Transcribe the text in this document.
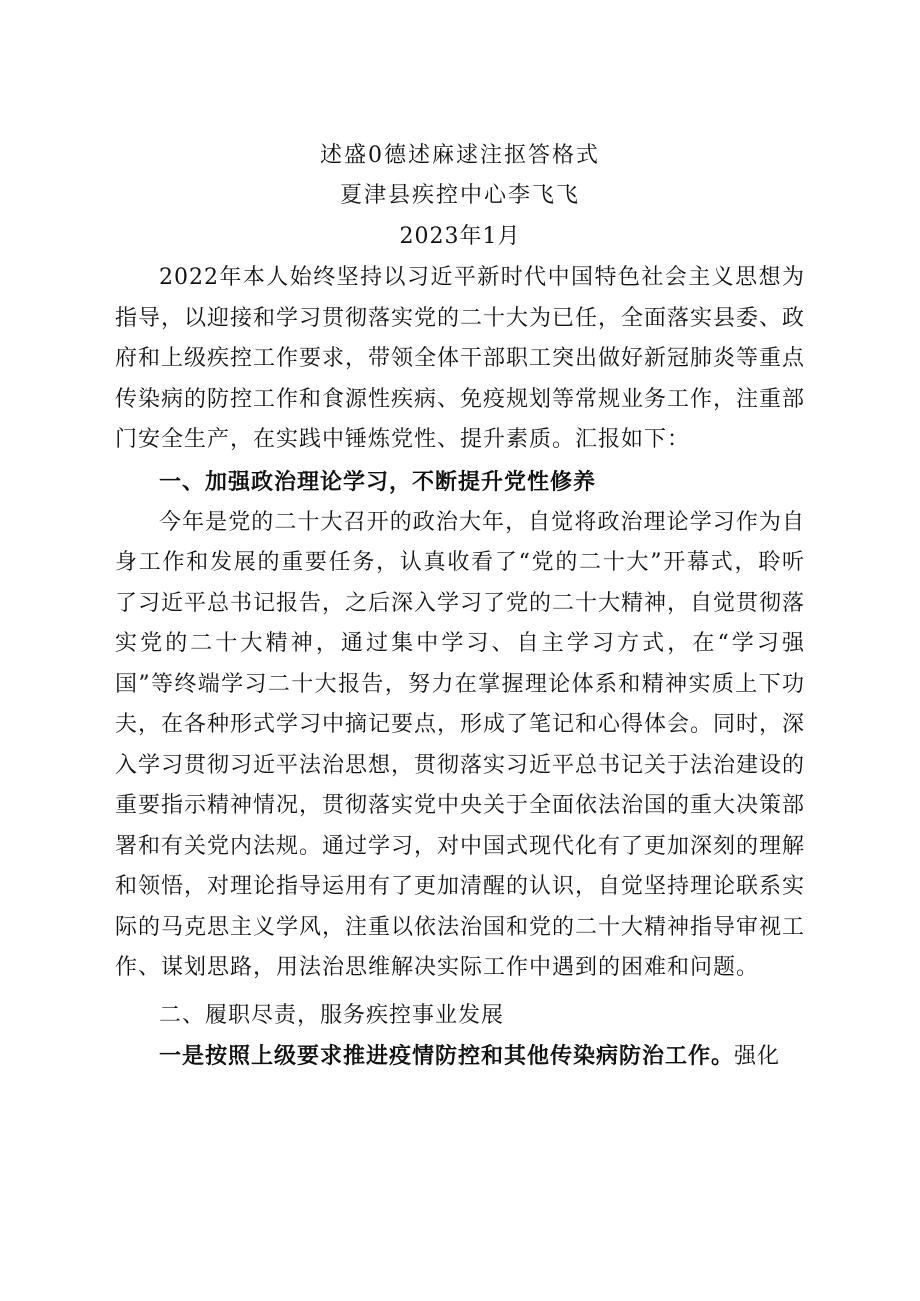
述盛0德述麻逑注抠答格式
夏津县疾控中心李飞飞
2023年1月

2022年本人始终坚持以习近平新时代中国特色社会主义思想为指导，以迎接和学习贯彻落实党的二十大为已任，全面落实县委、政府和上级疾控工作要求，带领全体干部职工突出做好新冠肺炎等重点传染病的防控工作和食源性疾病、免疫规划等常规业务工作，注重部门安全生产，在实践中锤炼党性、提升素质。汇报如下：

一、加强政治理论学习，不断提升党性修养

今年是党的二十大召开的政治大年，自觉将政治理论学习作为自身工作和发展的重要任务，认真收看了“党的二十大”开幕式，聆听了习近平总书记报告，之后深入学习了党的二十大精神，自觉贯彻落实党的二十大精神，通过集中学习、自主学习方式，在“学习强国”等终端学习二十大报告，努力在掌握理论体系和精神实质上下功夫，在各种形式学习中摘记要点，形成了笔记和心得体会。同时，深入学习贯彻习近平法治思想，贯彻落实习近平总书记关于法治建设的重要指示精神情况，贯彻落实党中央关于全面依法治国的重大决策部署和有关党内法规。通过学习，对中国式现代化有了更加深刻的理解和领悟，对理论指导运用有了更加清醒的认识，自觉坚持理论联系实际的马克思主义学风，注重以依法治国和党的二十大精神指导审视工作、谋划思路，用法治思维解决实际工作中遇到的困难和问题。

二、履职尽责，服务疾控事业发展

一是按照上级要求推进疫情防控和其他传染病防治工作。强化
